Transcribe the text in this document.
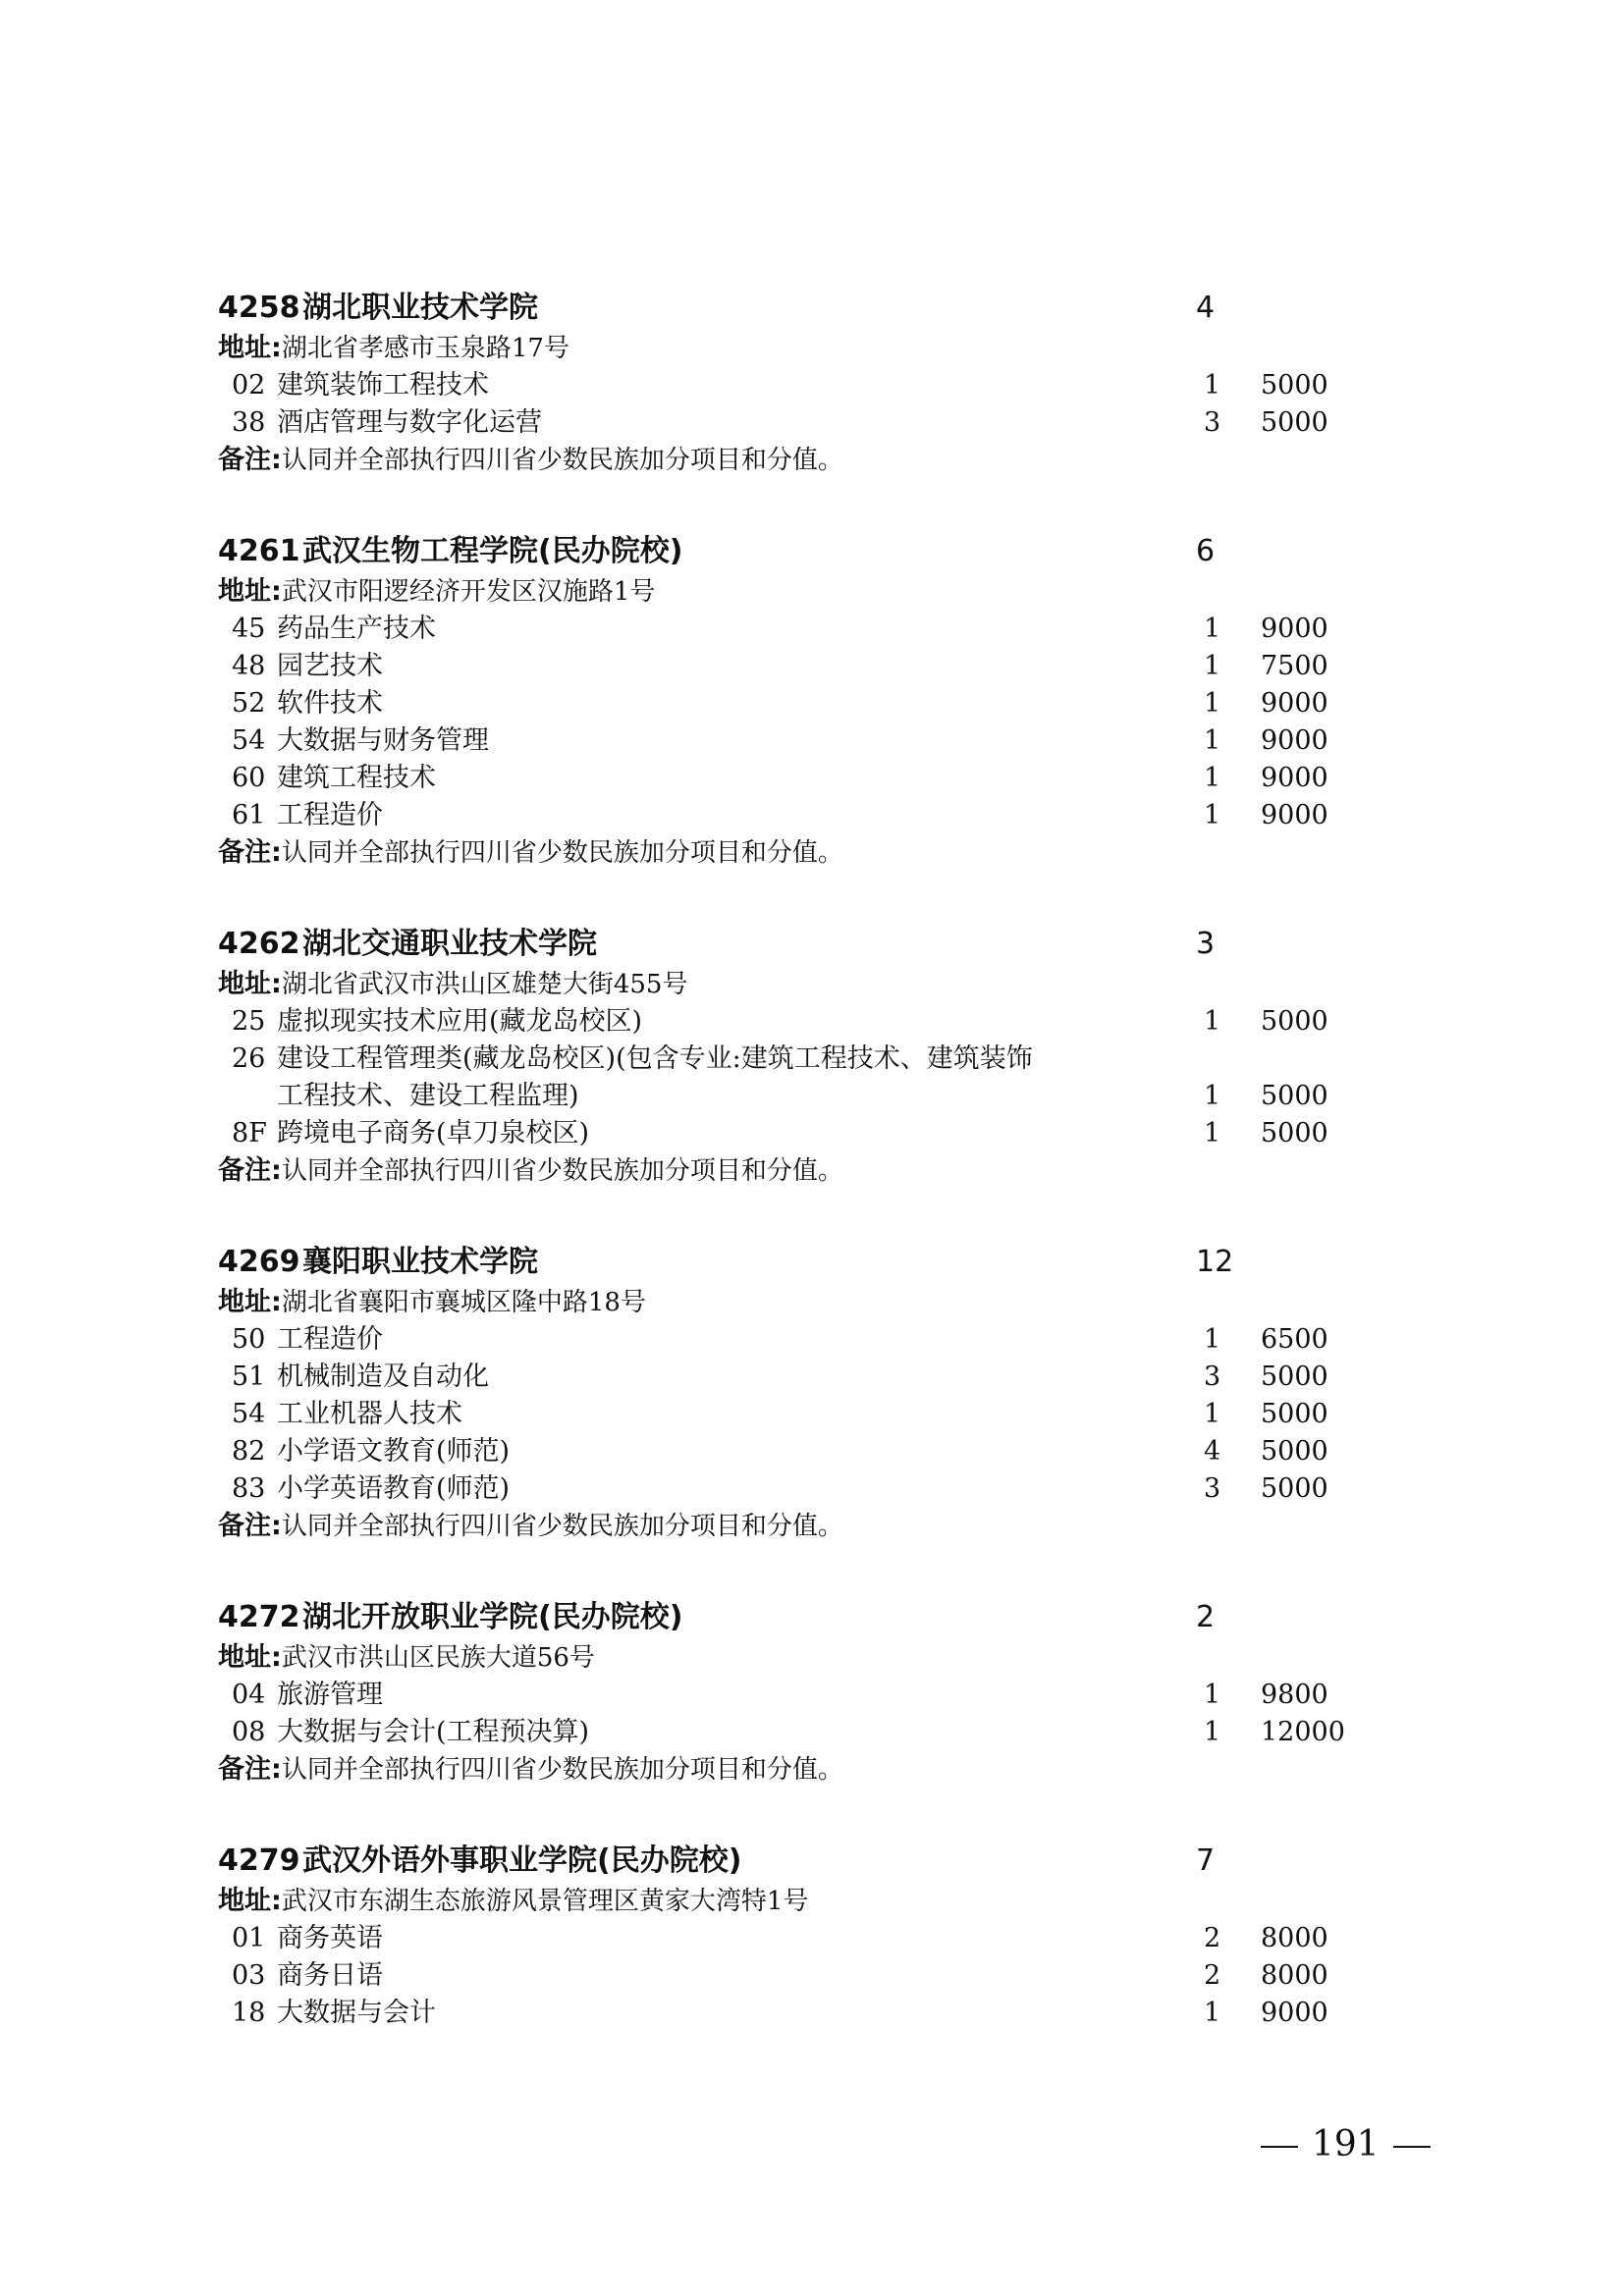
4258湖北职业技术学院	4
地址:湖北省孝感市玉泉路17号
02 建筑装饰工程技术	1 5000
38 酒店管理与数字化运营	3 5000
备注:认同并全部执行四川省少数民族加分项目和分值。
4261武汉生物工程学院(民办院校)	6
地址:武汉市阳逻经济开发区汉施路1号
45 药品生产技术	1 9000
48 园艺技术	1 7500
52 软件技术	1 9000
54 大数据与财务管理	1 9000
60 建筑工程技术	1 9000
61 工程造价	1 9000
备注:认同并全部执行四川省少数民族加分项目和分值。
4262湖北交通职业技术学院	3
地址:湖北省武汉市洪山区雄楚大街455号
25 虚拟现实技术应用(藏龙岛校区)	1 5000
26 建设工程管理类(藏龙岛校区)(包含专业:建筑工程技术、建筑装饰
工程技术、建设工程监理)	1 5000
8F 跨境电子商务(卓刀泉校区)	1 5000
备注:认同并全部执行四川省少数民族加分项目和分值。
4269襄阳职业技术学院	12
地址:湖北省襄阳市襄城区隆中路18号
50 工程造价	1 6500
51 机械制造及自动化	3 5000
54 工业机器人技术	1 5000
82 小学语文教育(师范)	4 5000
83 小学英语教育(师范)	3 5000
备注:认同并全部执行四川省少数民族加分项目和分值。
4272湖北开放职业学院(民办院校)	2
地址:武汉市洪山区民族大道56号
04 旅游管理	1 9800
08 大数据与会计(工程预决算)	1 12000
备注:认同并全部执行四川省少数民族加分项目和分值。
4279武汉外语外事职业学院(民办院校)	7
地址:武汉市东湖生态旅游风景管理区黄家大湾特1号
01 商务英语	2 8000
03 商务日语	2 8000
18 大数据与会计	1 9000
191
